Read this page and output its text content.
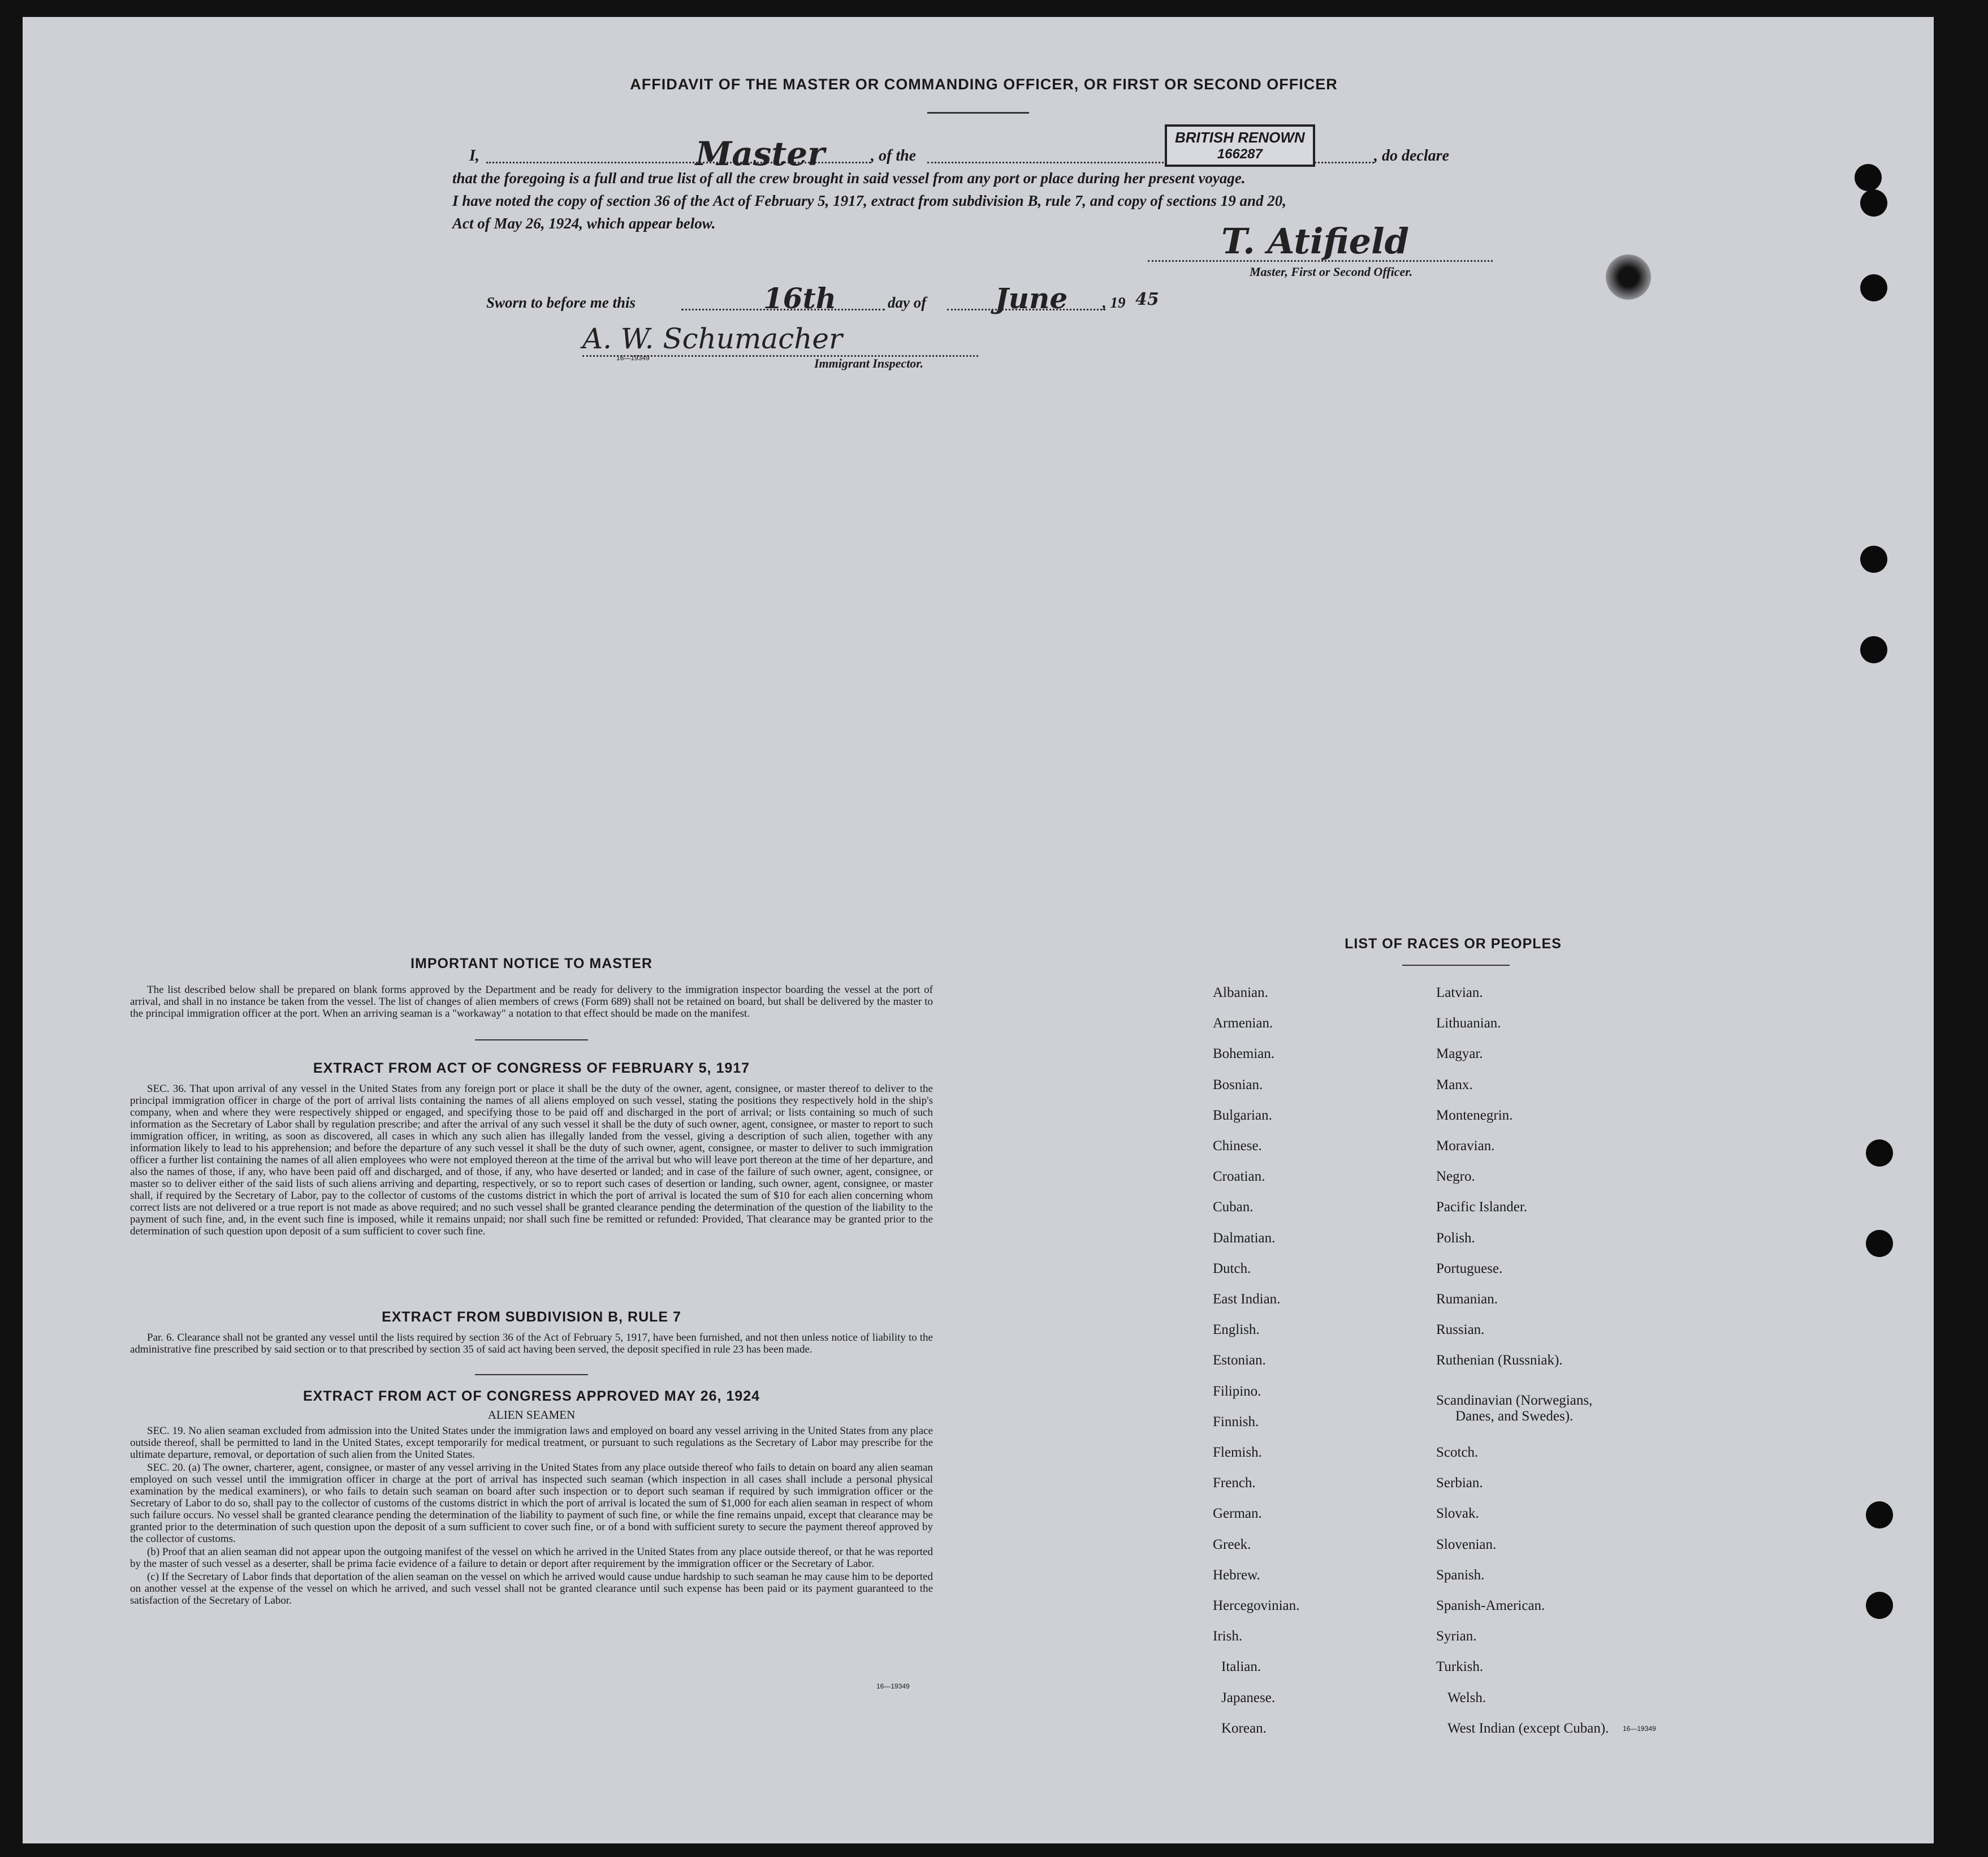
AFFIDAVIT OF THE MASTER OR COMMANDING OFFICER, OR FIRST OR SECOND OFFICER
I,	Master	, of the
BRITISH RENOWN

166287	, do declare
that the foregoing is a full and true list of all the crew brought in said vessel from any port or place during her present voyage.
I have noted the copy of section 36 of the Act of February 5, 1917, extract from subdivision B, rule 7, and copy of sections 19 and 20,
Act of May 26, 1924, which appear below.	T. Atifield
Master, First or Second Officer.
Sworn to before me this	16th	day of June , 19 45
A. W. Schumacher
16—19349	Immigrant Inspector.
IMPORTANT NOTICE TO MASTER

The list described below shall be prepared on blank forms approved by the Department and be ready for delivery to the immigration inspector boarding the vessel at the port of arrival, and shall in no instance be taken from the vessel. The list of changes of alien members of crews (Form 689) shall not be retained on board, but shall be delivered by the master to the principal immigration officer at the port. When an arriving seaman is a "workaway" a notation to that effect should be made on the manifest.

EXTRACT FROM ACT OF CONGRESS OF FEBRUARY 5, 1917

SEC. 36. That upon arrival of any vessel in the United States from any foreign port or place it shall be the duty of the owner, agent, consignee, or master thereof to deliver to the principal immigration officer in charge of the port of arrival lists containing the names of all aliens employed on such vessel, stating the positions they respectively hold in the ship's company, when and where they were respectively shipped or engaged, and specifying those to be paid off and discharged in the port of arrival; or lists containing so much of such information as the Secretary of Labor shall by regulation prescribe; and after the arrival of any such vessel it shall be the duty of such owner, agent, consignee, or master to report to such immigration officer, in writing, as soon as discovered, all cases in which any such alien has illegally landed from the vessel, giving a description of such alien, together with any information likely to lead to his apprehension; and before the departure of any such vessel it shall be the duty of such owner, agent, consignee, or master to deliver to such immigration officer a further list containing the names of all alien employees who were not employed thereon at the time of the arrival but who will leave port thereon at the time of her departure, and also the names of those, if any, who have been paid off and discharged, and of those, if any, who have deserted or landed; and in case of the failure of such owner, agent, consignee, or master so to deliver either of the said lists of such aliens arriving and departing, respectively, or so to report such cases of desertion or landing, such owner, agent, consignee, or master shall, if required by the Secretary of Labor, pay to the collector of customs of the customs district in which the port of arrival is located the sum of $10 for each alien concerning whom correct lists are not delivered or a true report is not made as above required; and no such vessel shall be granted clearance pending the determination of the question of the liability to the payment of such fine, and, in the event such fine is imposed, while it remains unpaid; nor shall such fine be remitted or refunded: Provided, That clearance may be granted prior to the determination of such question upon deposit of a sum sufficient to cover such fine.

EXTRACT FROM SUBDIVISION B, RULE 7

Par. 6. Clearance shall not be granted any vessel until the lists required by section 36 of the Act of February 5, 1917, have been furnished, and not then unless notice of liability to the administrative fine prescribed by said section or to that prescribed by section 35 of said act having been served, the deposit specified in rule 23 has been made.

EXTRACT FROM ACT OF CONGRESS APPROVED MAY 26, 1924
ALIEN SEAMEN

SEC. 19. No alien seaman excluded from admission into the United States under the immigration laws and employed on board any vessel arriving in the United States from any place outside thereof, shall be permitted to land in the United States, except temporarily for medical treatment, or pursuant to such regulations as the Secretary of Labor may prescribe for the ultimate departure, removal, or deportation of such alien from the United States.

SEC. 20. (a) The owner, charterer, agent, consignee, or master of any vessel arriving in the United States from any place outside thereof who fails to detain on board any alien seaman employed on such vessel until the immigration officer in charge at the port of arrival has inspected such seaman (which inspection in all cases shall include a personal physical examination by the medical examiners), or who fails to detain such seaman on board after such inspection or to deport such seaman if required by such immigration officer or the Secretary of Labor to do so, shall pay to the collector of customs of the customs district in which the port of arrival is located the sum of $1,000 for each alien seaman in respect of whom such failure occurs. No vessel shall be granted clearance pending the determination of the liability to payment of such fine, or while the fine remains unpaid, except that clearance may be granted prior to the determination of such question upon the deposit of a sum sufficient to cover such fine, or of a bond with sufficient surety to secure the payment thereof approved by the collector of customs.

(b) Proof that an alien seaman did not appear upon the outgoing manifest of the vessel on which he arrived in the United States from any place outside thereof, or that he was reported by the master of such vessel as a deserter, shall be prima facie evidence of a failure to detain or deport after requirement by the immigration officer or the Secretary of Labor.

(c) If the Secretary of Labor finds that deportation of the alien seaman on the vessel on which he arrived would cause undue hardship to such seaman he may cause him to be deported on another vessel at the expense of the vessel on which he arrived, and such vessel shall not be granted clearance until such expense has been paid or its payment guaranteed to the satisfaction of the Secretary of Labor.

16—19349
LIST OF RACES OR PEOPLES
16—19349
Albanian.
Armenian.
Bohemian.
Bosnian.
Bulgarian.
Chinese.
Croatian.
Cuban.
Dalmatian.
Dutch.
East Indian.
English.
Estonian.
Filipino.
Finnish.
Flemish.
French.
German.
Greek.
Hebrew.
Hercegovinian.
Irish.
Italian.
Japanese.
Korean.
Latvian.
Lithuanian.
Magyar.
Manx.
Montenegrin.
Moravian.
Negro.
Pacific Islander.
Polish.
Portuguese.
Rumanian.
Russian.
Ruthenian (Russniak).
Scandinavian (Norwegians,
Danes, and Swedes).
Scotch.
Serbian.
Slovak.
Slovenian.
Spanish.
Spanish-American.
Syrian.
Turkish.
Welsh.
West Indian (except Cuban).
